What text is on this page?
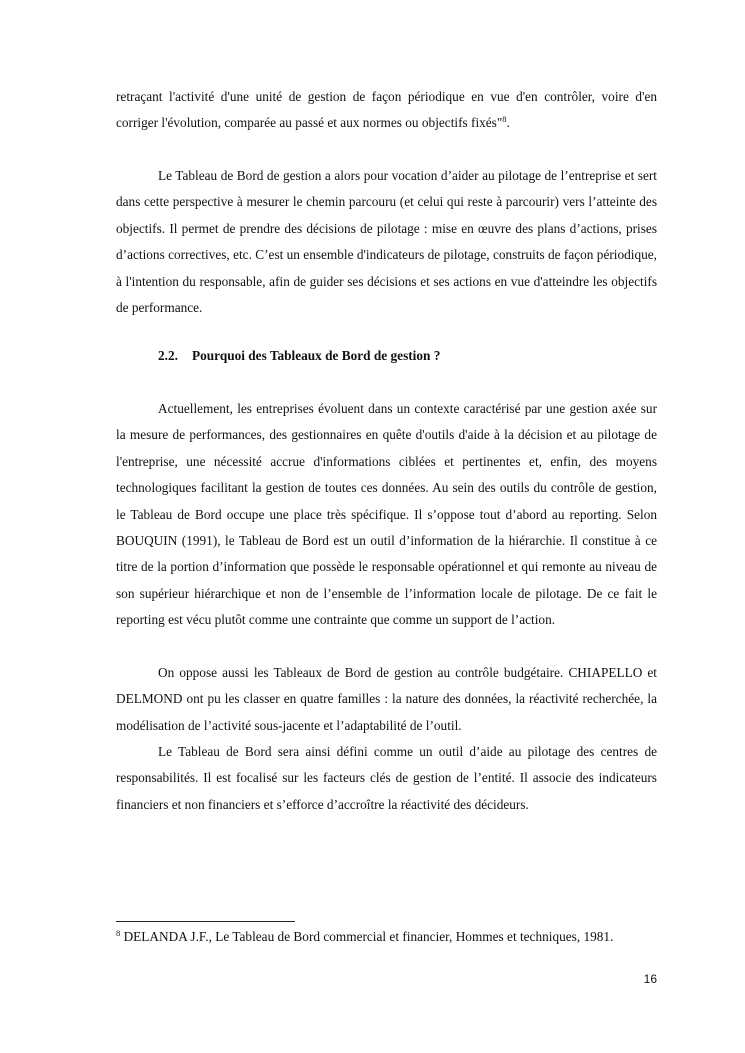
retraçant l'activité d'une unité de gestion de façon périodique en vue d'en contrôler, voire d'en corriger l'évolution, comparée au passé et aux normes ou objectifs fixés"$^8$.

Le Tableau de Bord de gestion a alors pour vocation d’aider au pilotage de l’entreprise et sert dans cette perspective à mesurer le chemin parcouru (et celui qui reste à parcourir) vers l’atteinte des objectifs. Il permet de prendre des décisions de pilotage : mise en œuvre des plans d’actions, prises d’actions correctives, etc. C’est un ensemble d'indicateurs de pilotage, construits de façon périodique, à l'intention du responsable, afin de guider ses décisions et ses actions en vue d'atteindre les objectifs de performance.

2.2. Pourquoi des Tableaux de Bord de gestion ?

Actuellement, les entreprises évoluent dans un contexte caractérisé par une gestion axée sur la mesure de performances, des gestionnaires en quête d'outils d'aide à la décision et au pilotage de l'entreprise, une nécessité accrue d'informations ciblées et pertinentes et, enfin, des moyens technologiques facilitant la gestion de toutes ces données. Au sein des outils du contrôle de gestion, le Tableau de Bord occupe une place très spécifique. Il s’oppose tout d’abord au reporting. Selon BOUQUIN (1991), le Tableau de Bord est un outil d’information de la hiérarchie. Il constitue à ce titre de la portion d’information que possède le responsable opérationnel et qui remonte au niveau de son supérieur hiérarchique et non de l’ensemble de l’information locale de pilotage. De ce fait le reporting est vécu plutôt comme une contrainte que comme un support de l’action.

On oppose aussi les Tableaux de Bord de gestion au contrôle budgétaire. CHIAPELLO et DELMOND ont pu les classer en quatre familles : la nature des données, la réactivité recherchée, la modélisation de l’activité sous-jacente et l’adaptabilité de l’outil.

Le Tableau de Bord sera ainsi défini comme un outil d’aide au pilotage des centres de responsabilités. Il est focalisé sur les facteurs clés de gestion de l’entité. Il associe des indicateurs financiers et non financiers et s’efforce d’accroître la réactivité des décideurs.

$^8$ DELANDA J.F., Le Tableau de Bord commercial et financier, Hommes et techniques, 1981.
16
